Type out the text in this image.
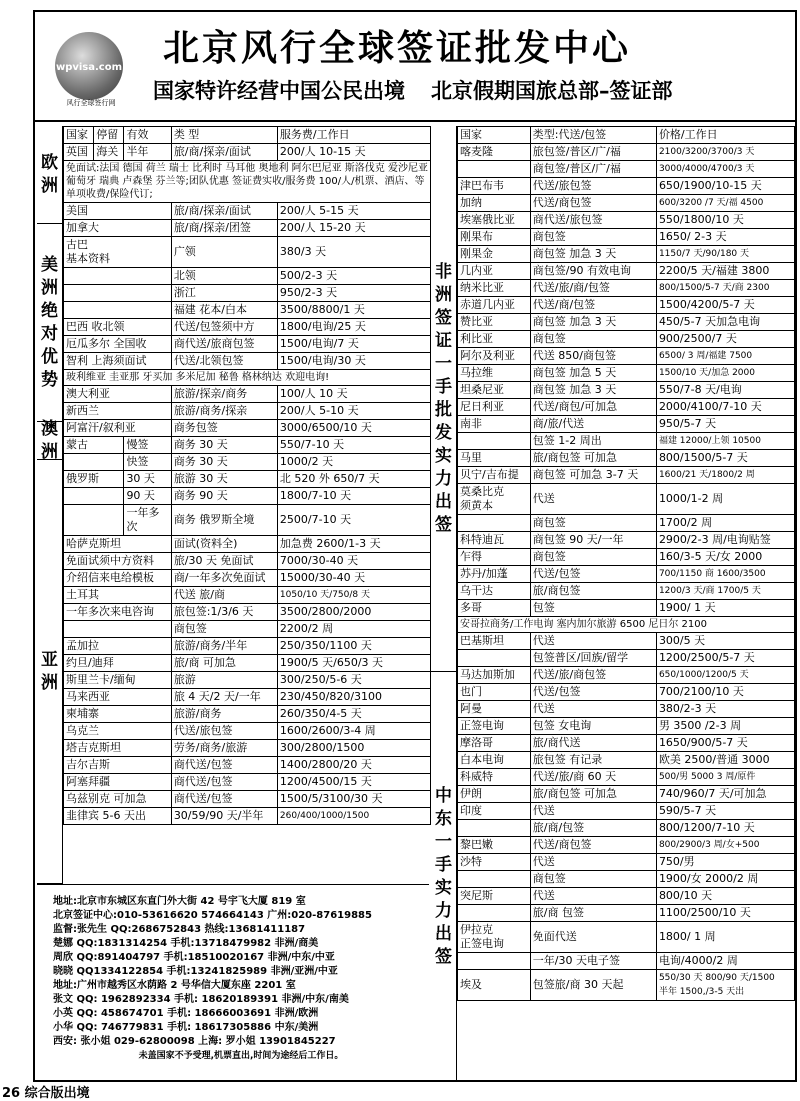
wpvisa.com
风行全球签行网
北京风行全球签证批发中心
国家特许经营中国公民出境 北京假期国旅总部–签证部
欧
洲
美
洲
绝
对
优
势
澳
洲
亚
洲
国家	停留	有效	类 型	服务费/工作日
英国	海关	半年	旅/商/探亲/面试	200/人 10-15 天
免面试:法国 德国 荷兰 瑞士 比利时 马耳他 奥地利 阿尔巴尼亚 斯洛伐克 爱沙尼亚 葡萄牙 瑞典 卢森堡 芬兰等;团队优惠 签证费实收/服务费 100/人/机票、酒店、等单项收费/保险代订;				
美国			旅/商/探亲/面试	200/人 5-15 天
加拿大			旅/商/探亲/团签	200/人 15-20 天
古巴
基本资料			广领	380/3 天
			北领	500/2-3 天
			浙江	950/2-3 天
			福建 花本/白本	3500/8800/1 天
巴西 收北领			代送/包签须中方	1800/电询/25 天
厄瓜多尔 全国收			商代送/旅商包签	1500/电询/7 天
智利 上海须面试			代送/北领包签	1500/电询/30 天
玻利维亚 圭亚那 牙买加 多米尼加 秘鲁 格林纳达 欢迎电询!				
澳大利亚			旅游/探亲/商务	100/人 10 天
新西兰			旅游/商务/探亲	200/人 5-10 天
阿富汗/叙利亚			商务包签	3000/6500/10 天
蒙古		慢签	商务 30 天	550/7-10 天
		快签	商务 30 天	1000/2 天
俄罗斯		30 天	旅游 30 天	北 520 外 650/7 天
		90 天	商务 90 天	1800/7-10 天
		一年多次	商务 俄罗斯全境	2500/7-10 天
哈萨克斯坦			面试(资料全)	加急费 2600/1-3 天
免面试须中方资料			旅/30 天 免面试	7000/30-40 天
介绍信来电给模板			商/一年多次免面试	15000/30-40 天
土耳其			代送 旅/商	1050/10 天/750/8 天
一年多次来电咨询			旅包签:1/3/6 天	3500/2800/2000
			商包签	2200/2 周
孟加拉			旅游/商务/半年	250/350/1100 天
约旦/迪拜			旅/商 可加急	1900/5 天/650/3 天
斯里兰卡/缅甸			旅游	300/250/5-6 天
马来西亚			旅 4 天/2 天/一年	230/450/820/3100
柬埔寨			旅游/商务	260/350/4-5 天
乌克兰			代送/旅包签	1600/2600/3-4 周
塔吉克斯坦			劳务/商务/旅游	300/2800/1500
吉尔吉斯			商代送/包签	1400/2800/20 天
阿塞拜疆			商代送/包签	1200/4500/15 天
乌兹别克 可加急			商代送/包签	1500/5/3100/30 天
韭律宾 5-6 天出			30/59/90 天/半年	260/400/1000/1500
非
洲
签
证
一
手
批
发
实
力
出
签
中
东
一
手
实
力
出
签
国家	类型:代送/包签	价格/工作日
喀麦隆	旅包签/普区/广/福	2100/3200/3700/3 天
	商包签/普区/广/福	3000/4000/4700/3 天
津巴布韦	代送/旅包签	650/1900/10-15 天
加纳	代送/商包签	600/3200 /7 天/福 4500
埃塞俄比亚	商代送/旅包签	550/1800/10 天
刚果布	商包签	1650/ 2-3 天
刚果金	商包签 加急 3 天	1150/7 天/90/180 天
几内亚	商包签/90 有效电询	2200/5 天/福建 3800
纳米比亚	代送/旅/商/包签	800/1500/5-7 天/商 2300
赤道几内亚	代送/商/包签	1500/4200/5-7 天
赞比亚	商包签 加急 3 天	450/5-7 天加急电询
利比亚	商包签	900/2500/7 天
阿尔及利亚	代送 850/商包签	6500/ 3 周/福建 7500
马拉维	商包签 加急 5 天	1500/10 天/加急 2000
坦桑尼亚	商包签 加急 3 天	550/7-8 天/电询
尼日利亚	代送/商包/可加急	2000/4100/7-10 天
南非	商/旅/代送	950/5-7 天
	包签 1-2 周出	福建 12000/上领 10500
马里	旅/商包签 可加急	800/1500/5-7 天
贝宁/吉布提	商包签 可加急 3-7 天	1600/21 天/1800/2 周
莫桑比克
须黄本	代送	1000/1-2 周
	商包签	1700/2 周
科特迪瓦	商包签 90 天/一年	2900/2-3 周/电询贴签
乍得	商包签	160/3-5 天/女 2000
苏丹/加蓬	代送/包签	700/1150 商 1600/3500
乌干达	旅/商包签	1200/3 天/商 1700/5 天
多哥	包签	1900/ 1 天
安哥拉商务/工作电询 塞内加尔旅游 6500 尼日尔 2100		
巴基斯坦	代送	300/5 天
	包签普区/回族/留学	1200/2500/5-7 天
马达加斯加	代送/旅/商包签	650/1000/1200/5 天
也门	代送/包签	700/2100/10 天
阿曼	代送	380/2-3 天
正签电询	包签 女电询	男 3500 /2-3 周
摩洛哥	旅/商代送	1650/900/5-7 天
白本电询	旅包签 有记录	欧美 2500/普通 3000
科威特	代送/旅/商 60 天	500/男 5000 3 周/原件
伊朗	旅/商包签 可加急	740/960/7 天/可加急
印度	代送	590/5-7 天
	旅/商/包签	800/1200/7-10 天
黎巴嫩	代送/商包签	800/2900/3 周/女+500
沙特	代送	750/男
	商包签	1900/女 2000/2 周
突尼斯	代送	800/10 天
	旅/商 包签	1100/2500/10 天
伊拉克
正签电询	免面代送	1800/ 1 周
	一年/30 天电子签	电询/4000/2 周
埃及	包签旅/商 30 天起	550/30 天 800/90 天/1500
半年 1500,/3-5 天出
地址:北京市东城区东直门外大街 42 号宇飞大厦 819 室
北京签证中心:010-53616620 574664143 广州:020-87619885
监督:张先生 QQ:2686752843 热线:13681411187
楚娜 QQ:1831314254 手机:13718479982 非洲/商美
周欣 QQ:891404797 手机:18510020167 非洲/中东/中亚
晓晓 QQ1334122854 手机:13241825989 非洲/亚洲/中亚
地址:广州市越秀区水荫路 2 号华信大厦东座 2201 室
张文 QQ: 1962892334 手机: 18620189391 非洲/中东/南美
小英 QQ: 458674701 手机: 18666003691 非洲/欧洲
小华 QQ: 746779831 手机: 18617305886 中东/美洲
西安: 张小姐 029-62800098 上海: 罗小姐 13901845227
未盖国家不予受理,机票直出,时间为途经后工作日。
26 综合版出境
